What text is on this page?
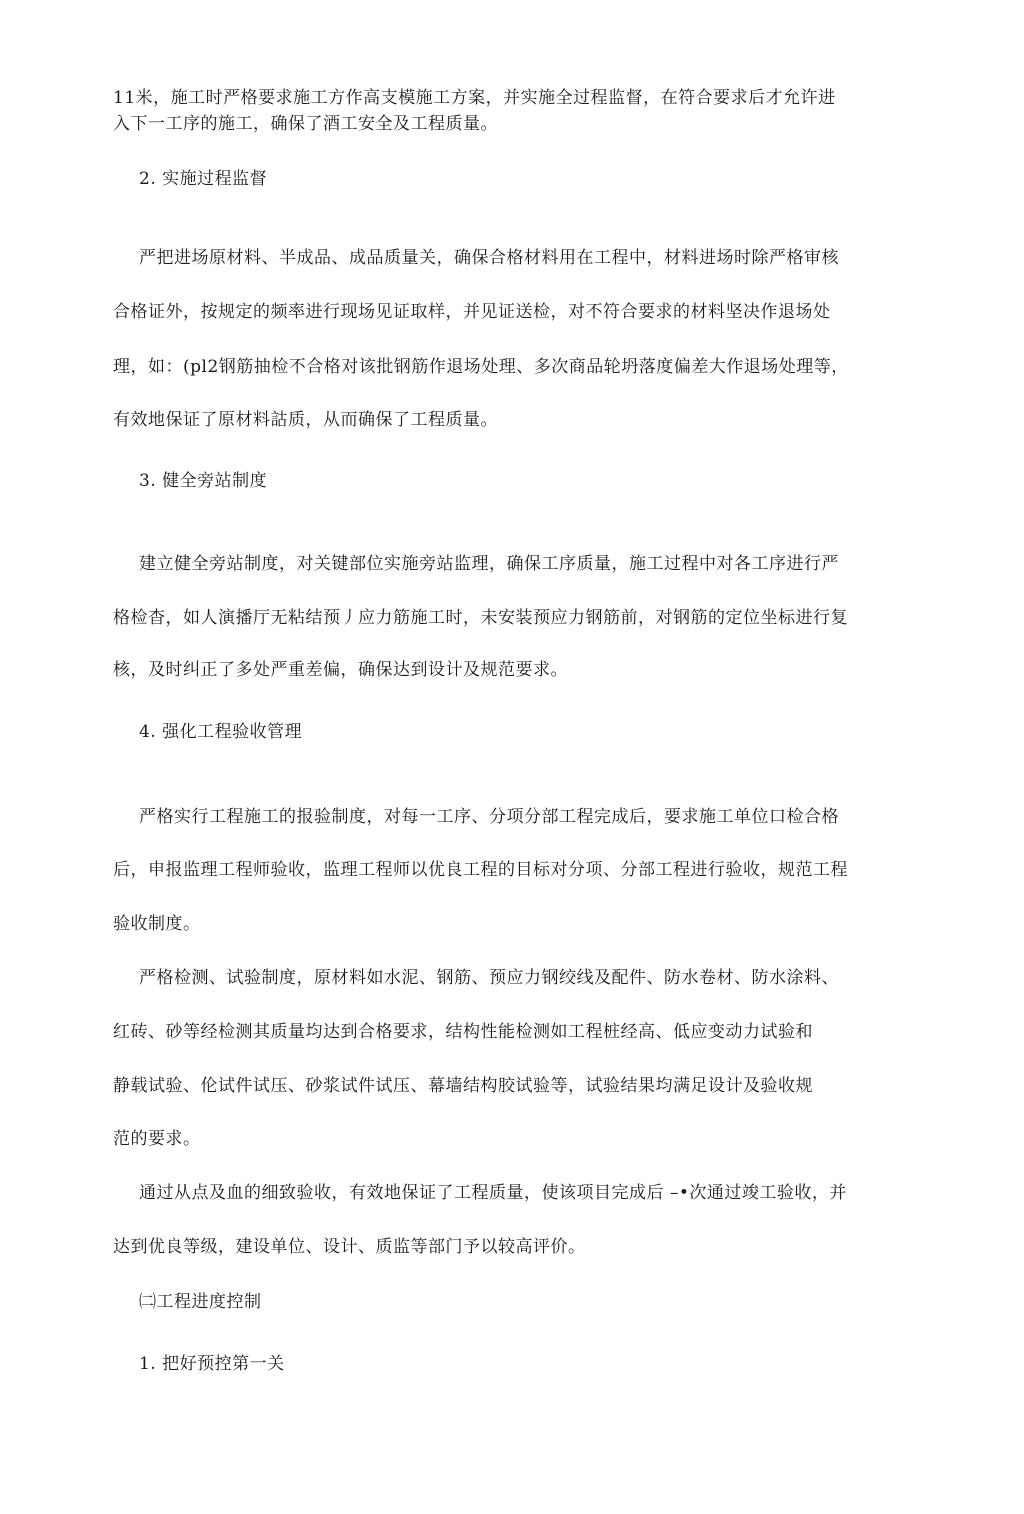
11米，施工时严格要求施工方作高支模施工方案，并实施全过程监督，在符合要求后才允许进
入下一工序的施工，确保了酒工安全及工程质量。
2. 实施过程监督
严把进场原材料、半成品、成品质量关，确保合格材料用在工程中，材料进场时除严格审核
合格证外，按规定的频率进行现场见证取样，并见证送检，对不符合要求的材料坚决作退场处
理，如：(pl2钢筋抽检不合格对该批钢筋作退场处理、多次商品轮坍落度偏差大作退场处理等，
有效地保证了原材料詁质，从而确保了工程质量。
3. 健全旁站制度
建立健全旁站制度，对关键部位实施旁站监理，确保工序质量，施工过程中对各工序进行严
格检杳，如人演播厅无粘结预丿应力筋施工时，未安装预应力钢筋前，对钢筋的定位坐标进行复
核，及时纠正了多处严重差偏，确保达到设计及规范要求。
4. 强化工程验收管理
严格实行工程施工的报验制度，对每一工序、分项分部工程完成后，要求施工单位口检合格
后，申报监理工程师验收，监理工程师以优良工程的目标对分项、分部工程进行验收，规范工程
验收制度。
严格检测、试验制度，原材料如水泥、钢筋、预应力钢绞线及配件、防水卷材、防水涂料、
红砖、砂等经检测其质量均达到合格要求，结构性能检测如工程桩经高、低应变动力试验和
静载试验、伦试件试压、砂浆试件试压、幕墙结构胶试验等，试验结果均满足设计及验收规
范的要求。
通过从点及血的细致验收，有效地保证了工程质量，使该项目完成后 –•次通过竣工验收，并
达到优良等级，建设单位、设计、质监等部门予以较高评价。
㈡工程进度控制
1. 把好预控第一关
